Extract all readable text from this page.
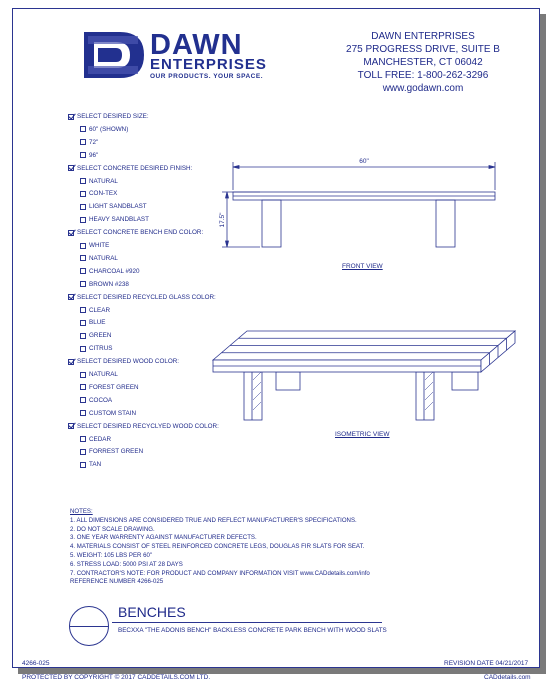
DAWN
ENTERPRISES
OUR PRODUCTS. YOUR SPACE.
DAWN ENTERPRISES
275 PROGRESS DRIVE, SUITE B
MANCHESTER, CT 06042
TOLL FREE: 1-800-262-3296
www.godawn.com
SELECT DESIRED SIZE:
60" (SHOWN)
72"
96"
SELECT CONCRETE DESIRED FINISH:
NATURAL
CON-TEX
LIGHT SANDBLAST
HEAVY SANDBLAST
SELECT CONCRETE BENCH END COLOR:
WHITE
NATURAL
CHARCOAL #920
BROWN #238
SELECT DESIRED RECYCLED GLASS COLOR:
CLEAR
BLUE
GREEN
CITRUS
SELECT DESIRED WOOD COLOR:
NATURAL
FOREST GREEN
COCOA
CUSTOM STAIN
SELECT DESIRED RECYCLYED WOOD COLOR:
CEDAR
FORREST GREEN
TAN
60"
17.5"
FRONT VIEW
ISOMETRIC VIEW
NOTES:
1. ALL DIMENSIONS ARE CONSIDERED TRUE AND REFLECT MANUFACTURER'S SPECIFICATIONS.
2. DO NOT SCALE DRAWING.
3. ONE YEAR WARRENTY AGAINST MANUFACTURER DEFECTS.
4. MATERIALS CONSIST OF STEEL REINFORCED CONCRETE LEGS, DOUGLAS FIR SLATS FOR SEAT.
5. WEIGHT: 105 LBS PER 60"
6. STRESS LOAD: 5000 PSI AT 28 DAYS
7. CONTRACTOR'S NOTE: FOR PRODUCT AND COMPANY INFORMATION VISIT www.CADdetails.com/info
REFERENCE NUMBER 4266-025
BENCHES
BECXXA "THE ADONIS BENCH" BACKLESS CONCRETE PARK BENCH WITH WOOD SLATS
4266-025	REVISION DATE 04/21/2017
PROTECTED BY COPYRIGHT © 2017 CADDETAILS.COM LTD.	CADdetails.com
